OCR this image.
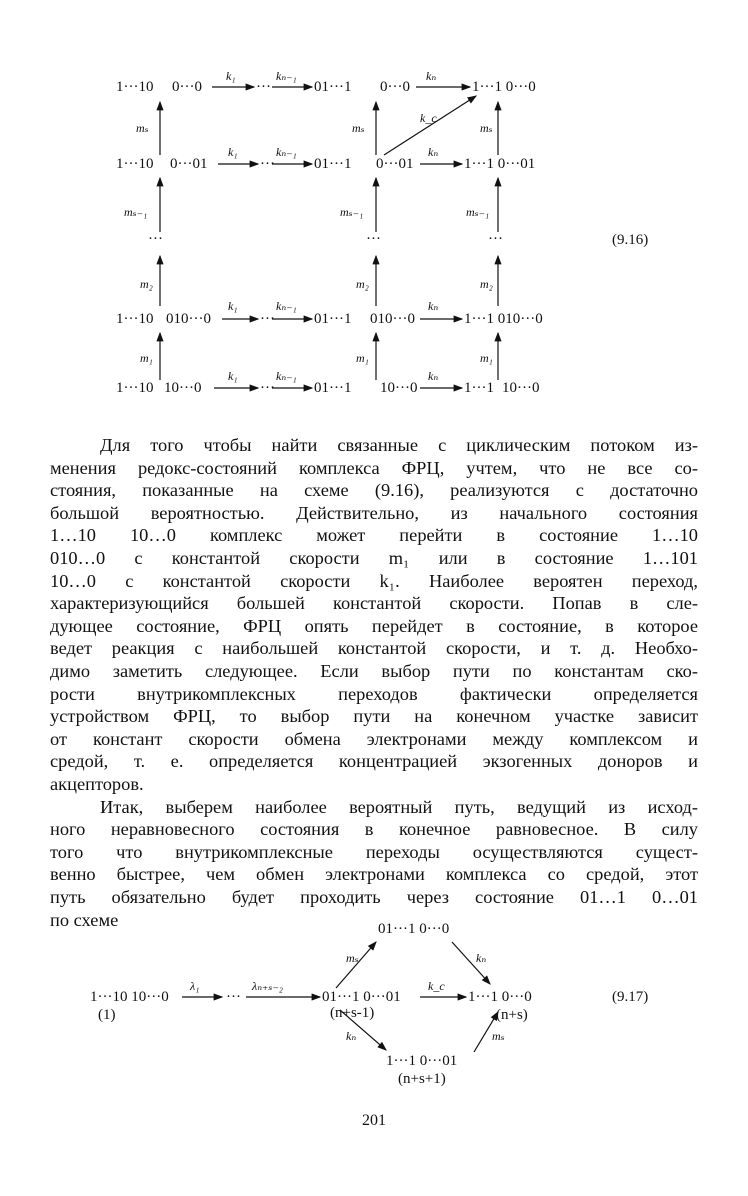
1···10 0···0	···	01···1 0···0	1···1 0···0
k₁	kₙ₋₁	kₙ
1···10 0···01	···	01···1 0···01	1···1 0···01
k₁	kₙ₋₁	kₙ
k_c
mₛ	mₛ	mₛ
mₛ₋₁	mₛ₋₁	mₛ₋₁
···	···	···	(9.16)
m₂	m₂	m₂
1···10 010···0	···	01···1 010···0	1···1 010···0
k₁	kₙ₋₁	kₙ
m₁	m₁	m₁
1···10 10···0	···	01···1 10···0	1···1 10···0
k₁	kₙ₋₁	kₙ
Для того чтобы найти связанные с циклическим потоком из-
менения редокс-состояний комплекса ФРЦ, учтем, что не все со-
стояния, показанные на схеме (9.16), реализуются с достаточно
большой вероятностью. Действительно, из начального состояния
1…10 10…0 комплекс может перейти в состояние 1…10
010…0 с константой скорости m₁ или в состояние 1…101
10…0 с константой скорости k₁. Наиболее вероятен переход,
характеризующийся большей константой скорости. Попав в сле-
дующее состояние, ФРЦ опять перейдет в состояние, в которое
ведет реакция с наибольшей константой скорости, и т. д. Необхо-
димо заметить следующее. Если выбор пути по константам ско-
рости внутрикомплексных переходов фактически определяется
устройством ФРЦ, то выбор пути на конечном участке зависит
от констант скорости обмена электронами между комплексом и
средой, т. е. определяется концентрацией экзогенных доноров и
акцепторов.
Итак, выберем наиболее вероятный путь, ведущий из исход-
ного неравновесного состояния в конечное равновесное. В силу
того что внутрикомплексные переходы осуществляются сущест-
венно быстрее, чем обмен электронами комплекса со средой, этот
путь обязательно будет проходить через состояние 01…1 0…01
по схеме	01···1 0···0
1···10 10···0
(1)
···	01···1 0···01
(n+s-1)
1···1 0···0
(n+s)
1···1 0···01
(n+s+1)
(9.17)
λ₁	λₙ₊ₛ₋₂	k_c
mₛ	kₙ
kₙ	mₛ
201
